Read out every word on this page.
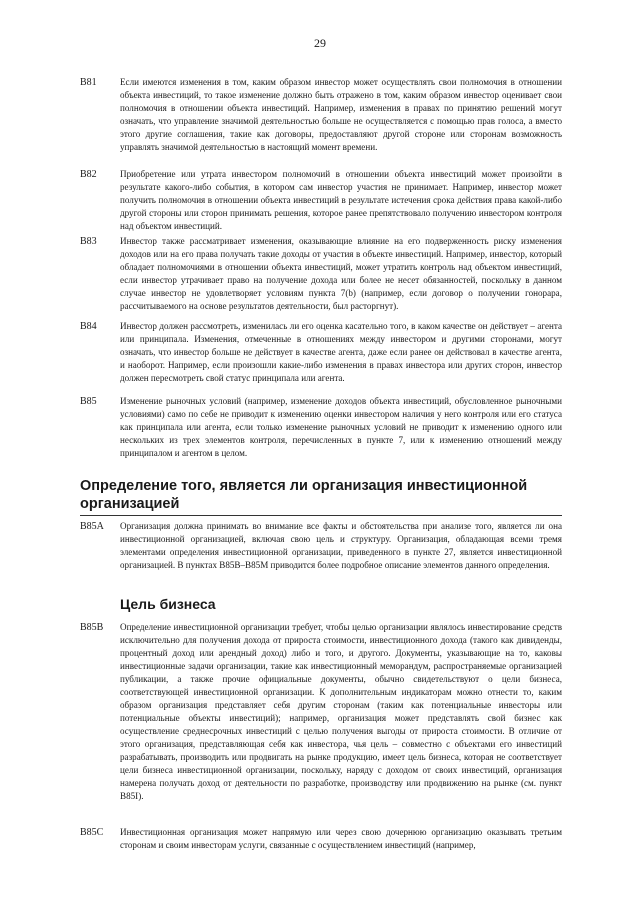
29
B81	Если имеются изменения в том, каким образом инвестор может осуществлять свои полномочия в отношении объекта инвестиций, то такое изменение должно быть отражено в том, каким образом инвестор оценивает свои полномочия в отношении объекта инвестиций. Например, изменения в правах по принятию решений могут означать, что управление значимой деятельностью больше не осуществляется с помощью прав голоса, а вместо этого другие соглашения, такие как договоры, предоставляют другой стороне или сторонам возможность управлять значимой деятельностью в настоящий момент времени.
B82	Приобретение или утрата инвестором полномочий в отношении объекта инвестиций может произойти в результате какого-либо события, в котором сам инвестор участия не принимает. Например, инвестор может получить полномочия в отношении объекта инвестиций в результате истечения срока действия права какой-либо другой стороны или сторон принимать решения, которое ранее препятствовало получению инвестором контроля над объектом инвестиций.
B83	Инвестор также рассматривает изменения, оказывающие влияние на его подверженность риску изменения доходов или на его права получать такие доходы от участия в объекте инвестиций. Например, инвестор, который обладает полномочиями в отношении объекта инвестиций, может утратить контроль над объектом инвестиций, если инвестор утрачивает право на получение дохода или более не несет обязанностей, поскольку в данном случае инвестор не удовлетворяет условиям пункта 7(b) (например, если договор о получении гонорара, рассчитываемого на основе результатов деятельности, был расторгнут).
B84	Инвестор должен рассмотреть, изменилась ли его оценка касательно того, в каком качестве он действует – агента или принципала. Изменения, отмеченные в отношениях между инвестором и другими сторонами, могут означать, что инвестор больше не действует в качестве агента, даже если ранее он действовал в качестве агента, и наоборот. Например, если произошли какие-либо изменения в правах инвестора или других сторон, инвестор должен пересмотреть свой статус принципала или агента.
B85	Изменение рыночных условий (например, изменение доходов объекта инвестиций, обусловленное рыночными условиями) само по себе не приводит к изменению оценки инвестором наличия у него контроля или его статуса как принципала или агента, если только изменение рыночных условий не приводит к изменению одного или нескольких из трех элементов контроля, перечисленных в пункте 7, или к изменению отношений между принципалом и агентом в целом.
Определение того, является ли организация инвестиционной организацией
B85A Организация должна принимать во внимание все факты и обстоятельства при анализе того, является ли она инвестиционной организацией, включая свою цель и структуру. Организация, обладающая всеми тремя элементами определения инвестиционной организации, приведенного в пункте 27, является инвестиционной организацией. В пунктах B85B–B85M приводится более подробное описание элементов данного определения.
Цель бизнеса
B85B Определение инвестиционной организации требует, чтобы целью организации являлось инвестирование средств исключительно для получения дохода от прироста стоимости, инвестиционного дохода (такого как дивиденды, процентный доход или арендный доход) либо и того, и другого. Документы, указывающие на то, каковы инвестиционные задачи организации, такие как инвестиционный меморандум, распространяемые организацией публикации, а также прочие официальные документы, обычно свидетельствуют о цели бизнеса, соответствующей инвестиционной организации. К дополнительным индикаторам можно отнести то, каким образом организация представляет себя другим сторонам (таким как потенциальные инвесторы или потенциальные объекты инвестиций); например, организация может представлять свой бизнес как осуществление среднесрочных инвестиций с целью получения выгоды от прироста стоимости. В отличие от этого организация, представляющая себя как инвестора, чья цель – совместно с объектами его инвестиций разрабатывать, производить или продвигать на рынке продукцию, имеет цель бизнеса, которая не соответствует цели бизнеса инвестиционной организации, поскольку, наряду с доходом от своих инвестиций, организация намерена получать доход от деятельности по разработке, производству или продвижению на рынке (см. пункт B85I).
B85C Инвестиционная организация может напрямую или через свою дочернюю организацию оказывать третьим сторонам и своим инвесторам услуги, связанные с осуществлением инвестиций (например,
